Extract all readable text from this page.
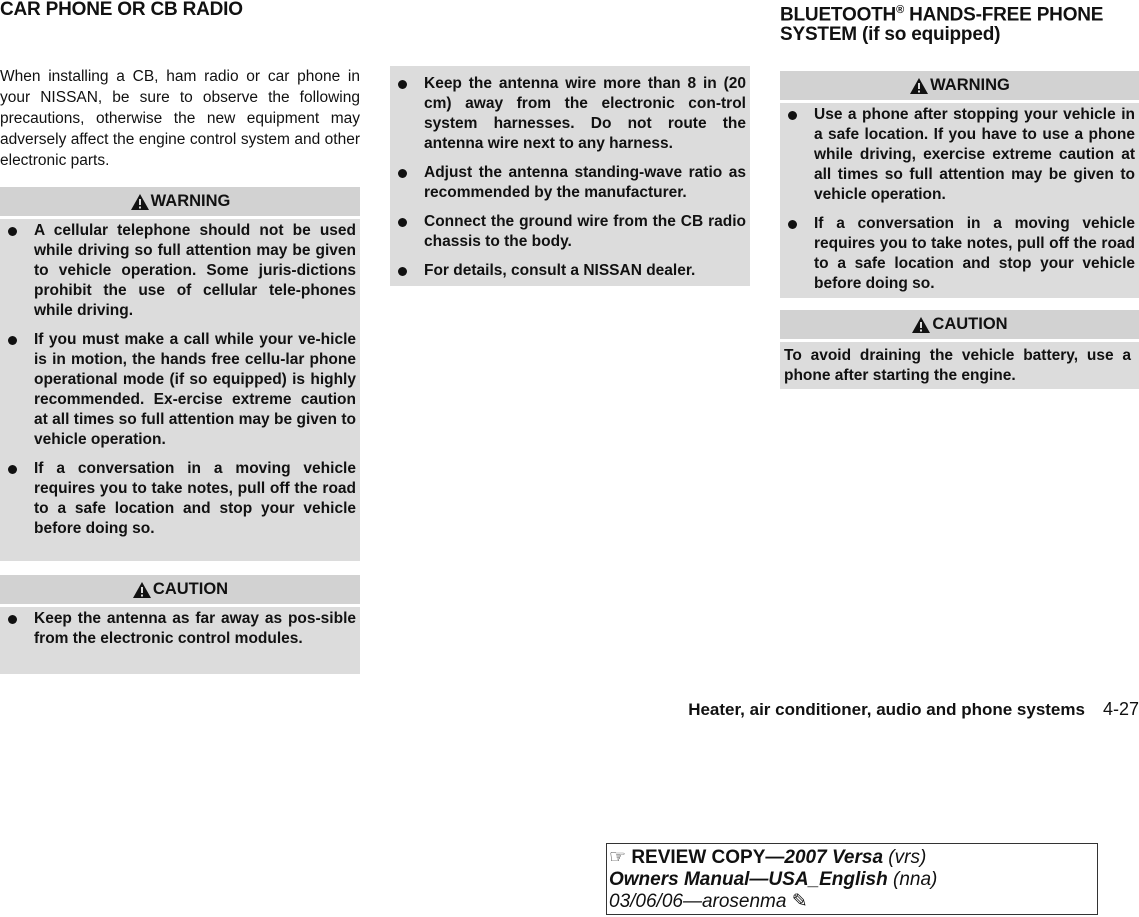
CAR PHONE OR CB RADIO	BLUETOOTH® HANDS-FREE PHONE
SYSTEM (if so equipped)
When installing a CB, ham radio or car phone in your NISSAN, be sure to observe the following precautions, otherwise the new equipment may adversely affect the engine control system and other electronic parts.
WARNING
A cellular telephone should not be used while driving so full attention may be given to vehicle operation. Some juris-dictions prohibit the use of cellular tele-phones while driving.
If you must make a call while your ve-hicle is in motion, the hands free cellu-lar phone operational mode (if so equipped) is highly recommended. Ex-ercise extreme caution at all times so full attention may be given to vehicle operation.
If a conversation in a moving vehicle requires you to take notes, pull off the road to a safe location and stop your vehicle before doing so.
CAUTION
Keep the antenna as far away as pos-sible from the electronic control modules.
Keep the antenna wire more than 8 in (20 cm) away from the electronic con-trol system harnesses. Do not route the antenna wire next to any harness.
Adjust the antenna standing-wave ratio as recommended by the manufacturer.
Connect the ground wire from the CB radio chassis to the body.
For details, consult a NISSAN dealer.
WARNING
Use a phone after stopping your vehicle in a safe location. If you have to use a phone while driving, exercise extreme caution at all times so full attention may be given to vehicle operation.
If a conversation in a moving vehicle requires you to take notes, pull off the road to a safe location and stop your vehicle before doing so.
CAUTION
To avoid draining the vehicle battery, use a phone after starting the engine.
Heater, air conditioner, audio and phone systems 4-27
☞ REVIEW COPY—2007 Versa (vrs)
Owners Manual—USA_English (nna)
03/06/06—arosenma ✎
